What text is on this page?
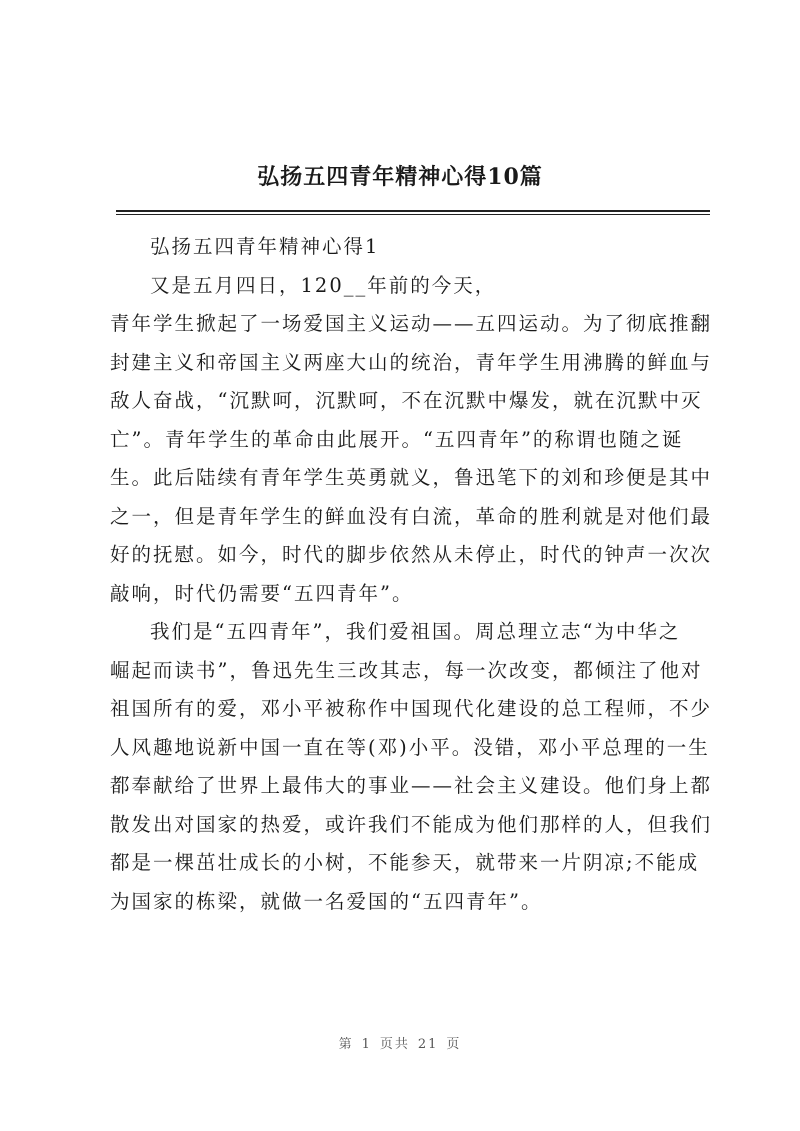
弘扬五四青年精神心得10篇

弘扬五四青年精神心得1

又是五月四日，120__年前的今天，
青年学生掀起了一场爱国主义运动——五四运动。为了彻底推翻
封建主义和帝国主义两座大山的统治，青年学生用沸腾的鲜血与
敌人奋战，“沉默呵，沉默呵，不在沉默中爆发，就在沉默中灭
亡”。青年学生的革命由此展开。“五四青年”的称谓也随之诞
生。此后陆续有青年学生英勇就义，鲁迅笔下的刘和珍便是其中
之一，但是青年学生的鲜血没有白流，革命的胜利就是对他们最
好的抚慰。如今，时代的脚步依然从未停止，时代的钟声一次次
敲响，时代仍需要“五四青年”。

我们是“五四青年”，我们爱祖国。周总理立志“为中华之
崛起而读书”，鲁迅先生三改其志，每一次改变，都倾注了他对
祖国所有的爱，邓小平被称作中国现代化建设的总工程师，不少
人风趣地说新中国一直在等(邓)小平。没错，邓小平总理的一生
都奉献给了世界上最伟大的事业——社会主义建设。他们身上都
散发出对国家的热爱，或许我们不能成为他们那样的人，但我们
都是一棵茁壮成长的小树，不能参天，就带来一片阴凉;不能成
为国家的栋梁，就做一名爱国的“五四青年”。

第 1 页共 21 页
